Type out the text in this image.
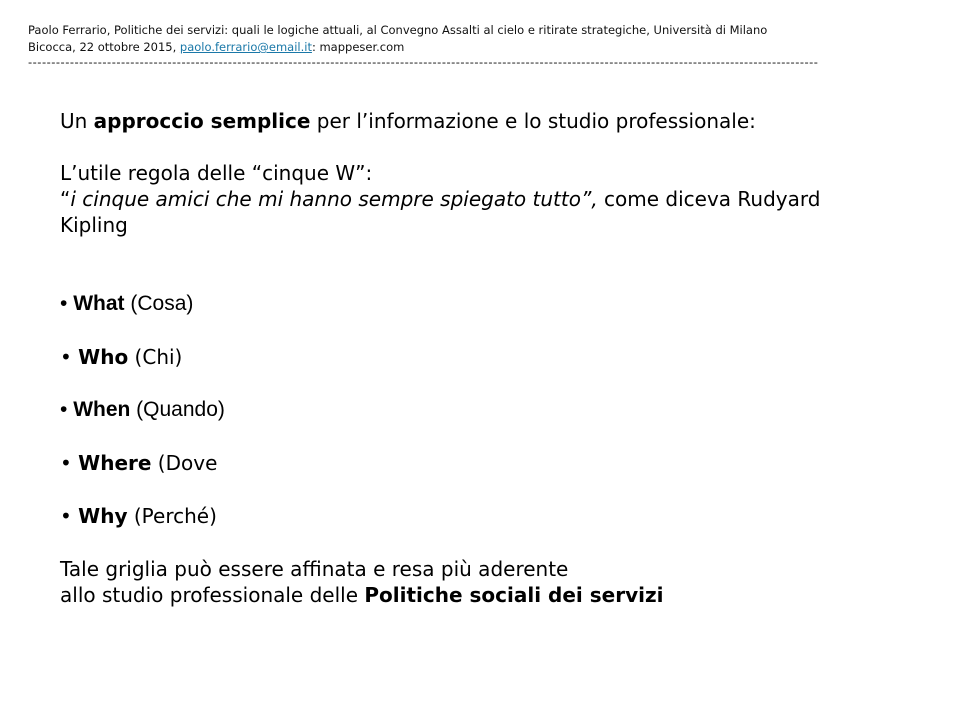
Paolo Ferrario, Politiche dei servizi: quali le logiche attuali, al Convegno Assalti al cielo e ritirate strategiche, Università di Milano
Bicocca, 22 ottobre 2015, paolo.ferrario@email.it: mappeser.com
--------------------------------------------------------------------------------------------------------------------------------------------------------------------------

Un approccio semplice per l’informazione e lo studio professionale:

L’utile regola delle “cinque W”:
“i cinque amici che mi hanno sempre spiegato tutto”, come diceva Rudyard
Kipling
• What (Cosa)
• Who (Chi)
• When (Quando)
• Where (Dove
• Why (Perché)
Tale griglia può essere affinata e resa più aderente
allo studio professionale delle Politiche sociali dei servizi
